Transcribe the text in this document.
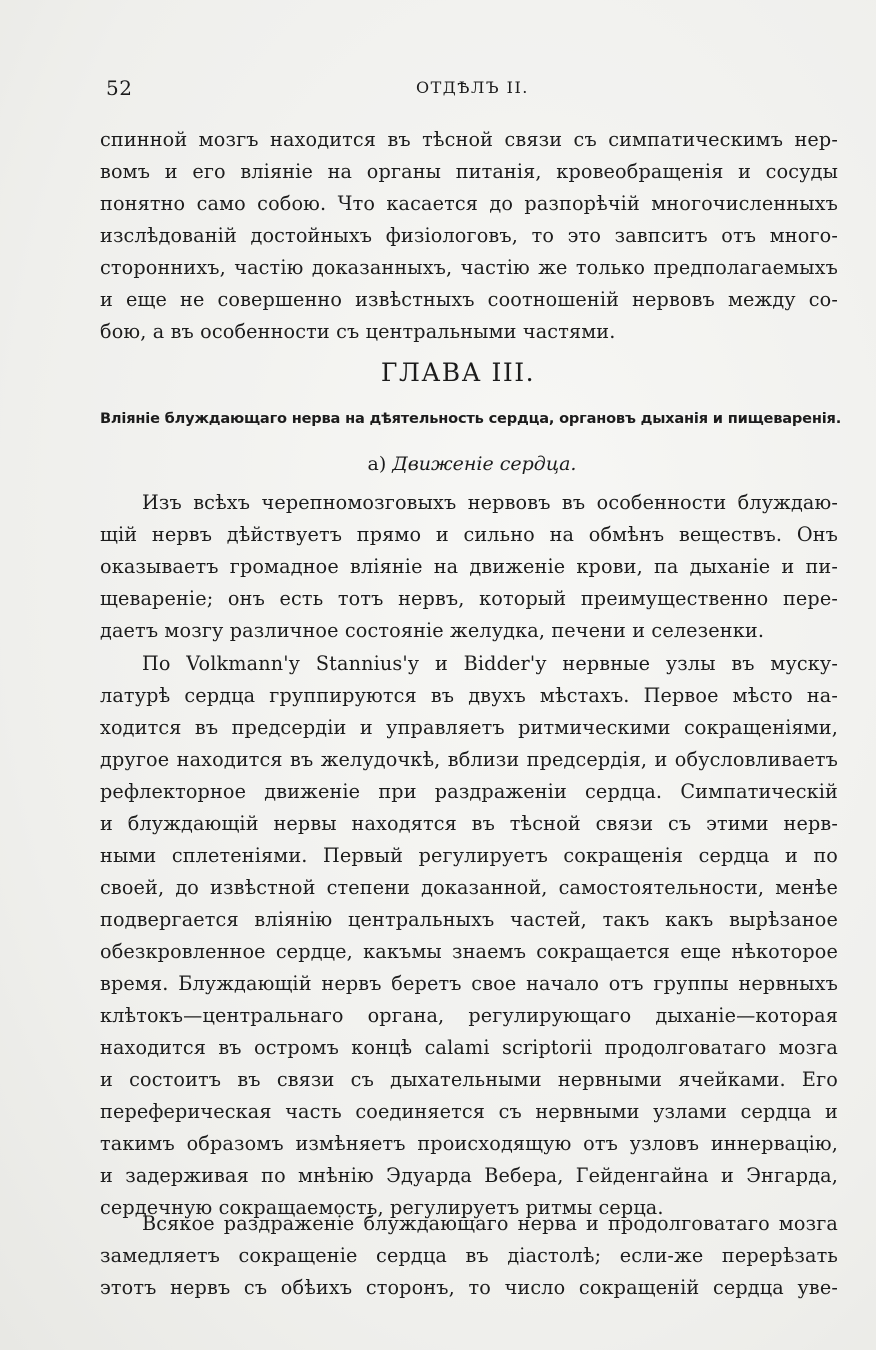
52	ОТДѢЛЪ II.
спинной мозгъ находится въ тѣсной связи съ симпатическимъ нер-
вомъ и его вліяніе на органы питанія, кровеобращенія и сосуды
понятно само собою. Что касается до разпорѣчій многочисленныхъ
изслѣдованій достойныхъ физіологовъ, то это завпситъ отъ много-
стороннихъ, частію доказанныхъ, частію же только предполагаемыхъ
и еще не совершенно извѣстныхъ соотношеній нервовъ между со-
бою, а въ особенности съ центральными частями.
ГЛАВА III.
Вліяніе блуждающаго нерва на дѣятельность сердца, органовъ дыханія и пищеваренія.
а) Движеніе сердца.
Изъ всѣхъ черепномозговыхъ нервовъ въ особенности блуждаю-
щій нервъ дѣйствуетъ прямо и сильно на обмѣнъ веществъ. Онъ
оказываетъ громадное вліяніе на движеніе крови, па дыханіе и пи-
щевареніе; онъ есть тотъ нервъ, который преимущественно пере-
даетъ мозгу различное состояніе желудка, печени и селезенки.
По Volkmann'у Stannius'у и Bidder'у нервные узлы въ муску-
латурѣ сердца группируются въ двухъ мѣстахъ. Первое мѣсто на-
ходится въ предсердіи и управляетъ ритмическими сокращеніями,
другое находится въ желудочкѣ, вблизи предсердія, и обусловливаетъ
рефлекторное движеніе при раздраженіи сердца. Симпатическій
и блуждающій нервы находятся въ тѣсной связи съ этими нерв-
ными сплетеніями. Первый регулируетъ сокращенія сердца и по
своей, до извѣстной степени доказанной, самостоятельности, менѣе
подвергается вліянію центральныхъ частей, такъ какъ вырѣзаное
обезкровленное сердце, какъмы знаемъ сокращается еще нѣкоторое
время. Блуждающій нервъ беретъ свое начало отъ группы нервныхъ
клѣтокъ—центральнаго органа, регулирующаго дыханіе—которая
находится въ остромъ концѣ calami scriptorii продолговатаго мозга
и состоитъ въ связи съ дыхательными нервными ячейками. Его
переферическая часть соединяется съ нервными узлами сердца и
такимъ образомъ измѣняетъ происходящую отъ узловъ иннервацію,
и задерживая по мнѣнію Эдуарда Вебера, Гейденгайна и Энгарда,
сердечную сокращаемость, регулируетъ ритмы серца.
Всякое раздраженіе блуждающаго нерва и продолговатаго мозга
замедляетъ сокращеніе сердца въ діастолѣ; если-же перерѣзать
этотъ нервъ съ обѣихъ сторонъ, то число сокращеній сердца уве-
